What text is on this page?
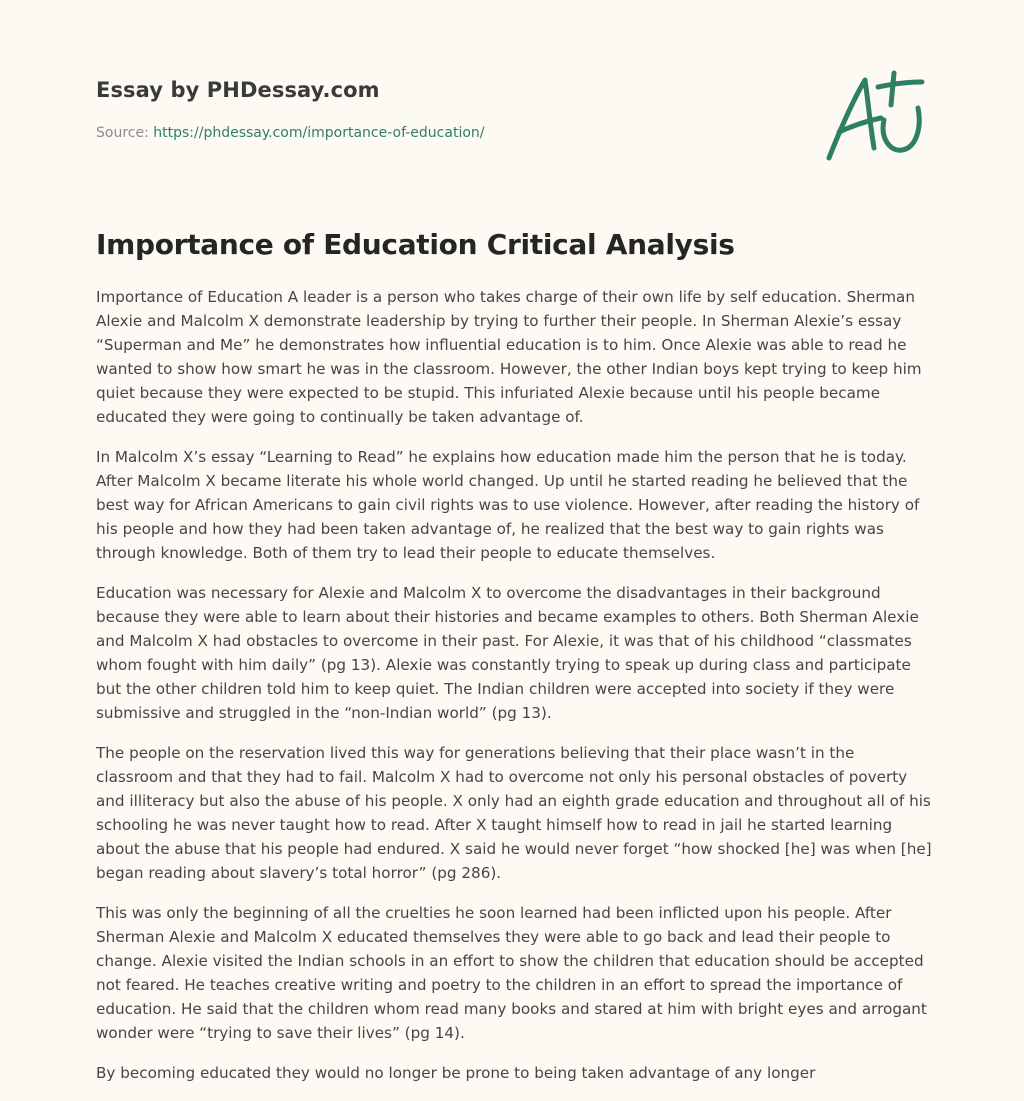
Essay by PHDessay.com
Source: https://phdessay.com/importance-of-education/
Importance of Education Critical Analysis

Importance of Education A leader is a person who takes charge of their own life by self education. Sherman Alexie and Malcolm X demonstrate leadership by trying to further their people. In Sherman Alexie’s essay “Superman and Me” he demonstrates how influential education is to him. Once Alexie was able to read he wanted to show how smart he was in the classroom. However, the other Indian boys kept trying to keep him quiet because they were expected to be stupid. This infuriated Alexie because until his people became educated they were going to continually be taken advantage of.

In Malcolm X’s essay “Learning to Read” he explains how education made him the person that he is today. After Malcolm X became literate his whole world changed. Up until he started reading he believed that the best way for African Americans to gain civil rights was to use violence. However, after reading the history of his people and how they had been taken advantage of, he realized that the best way to gain rights was through knowledge. Both of them try to lead their people to educate themselves.

Education was necessary for Alexie and Malcolm X to overcome the disadvantages in their background because they were able to learn about their histories and became examples to others. Both Sherman Alexie and Malcolm X had obstacles to overcome in their past. For Alexie, it was that of his childhood “classmates whom fought with him daily” (pg 13). Alexie was constantly trying to speak up during class and participate but the other children told him to keep quiet. The Indian children were accepted into society if they were submissive and struggled in the “non-Indian world” (pg 13).

The people on the reservation lived this way for generations believing that their place wasn’t in the classroom and that they had to fail. Malcolm X had to overcome not only his personal obstacles of poverty and illiteracy but also the abuse of his people. X only had an eighth grade education and throughout all of his schooling he was never taught how to read. After X taught himself how to read in jail he started learning about the abuse that his people had endured. X said he would never forget “how shocked [he] was when [he] began reading about slavery’s total horror” (pg 286).

This was only the beginning of all the cruelties he soon learned had been inflicted upon his people. After Sherman Alexie and Malcolm X educated themselves they were able to go back and lead their people to change. Alexie visited the Indian schools in an effort to show the children that education should be accepted not feared. He teaches creative writing and poetry to the children in an effort to spread the importance of education. He said that the children whom read many books and stared at him with bright eyes and arrogant wonder were “trying to save their lives” (pg 14).

By becoming educated they would no longer be prone to being taken advantage of any longer
